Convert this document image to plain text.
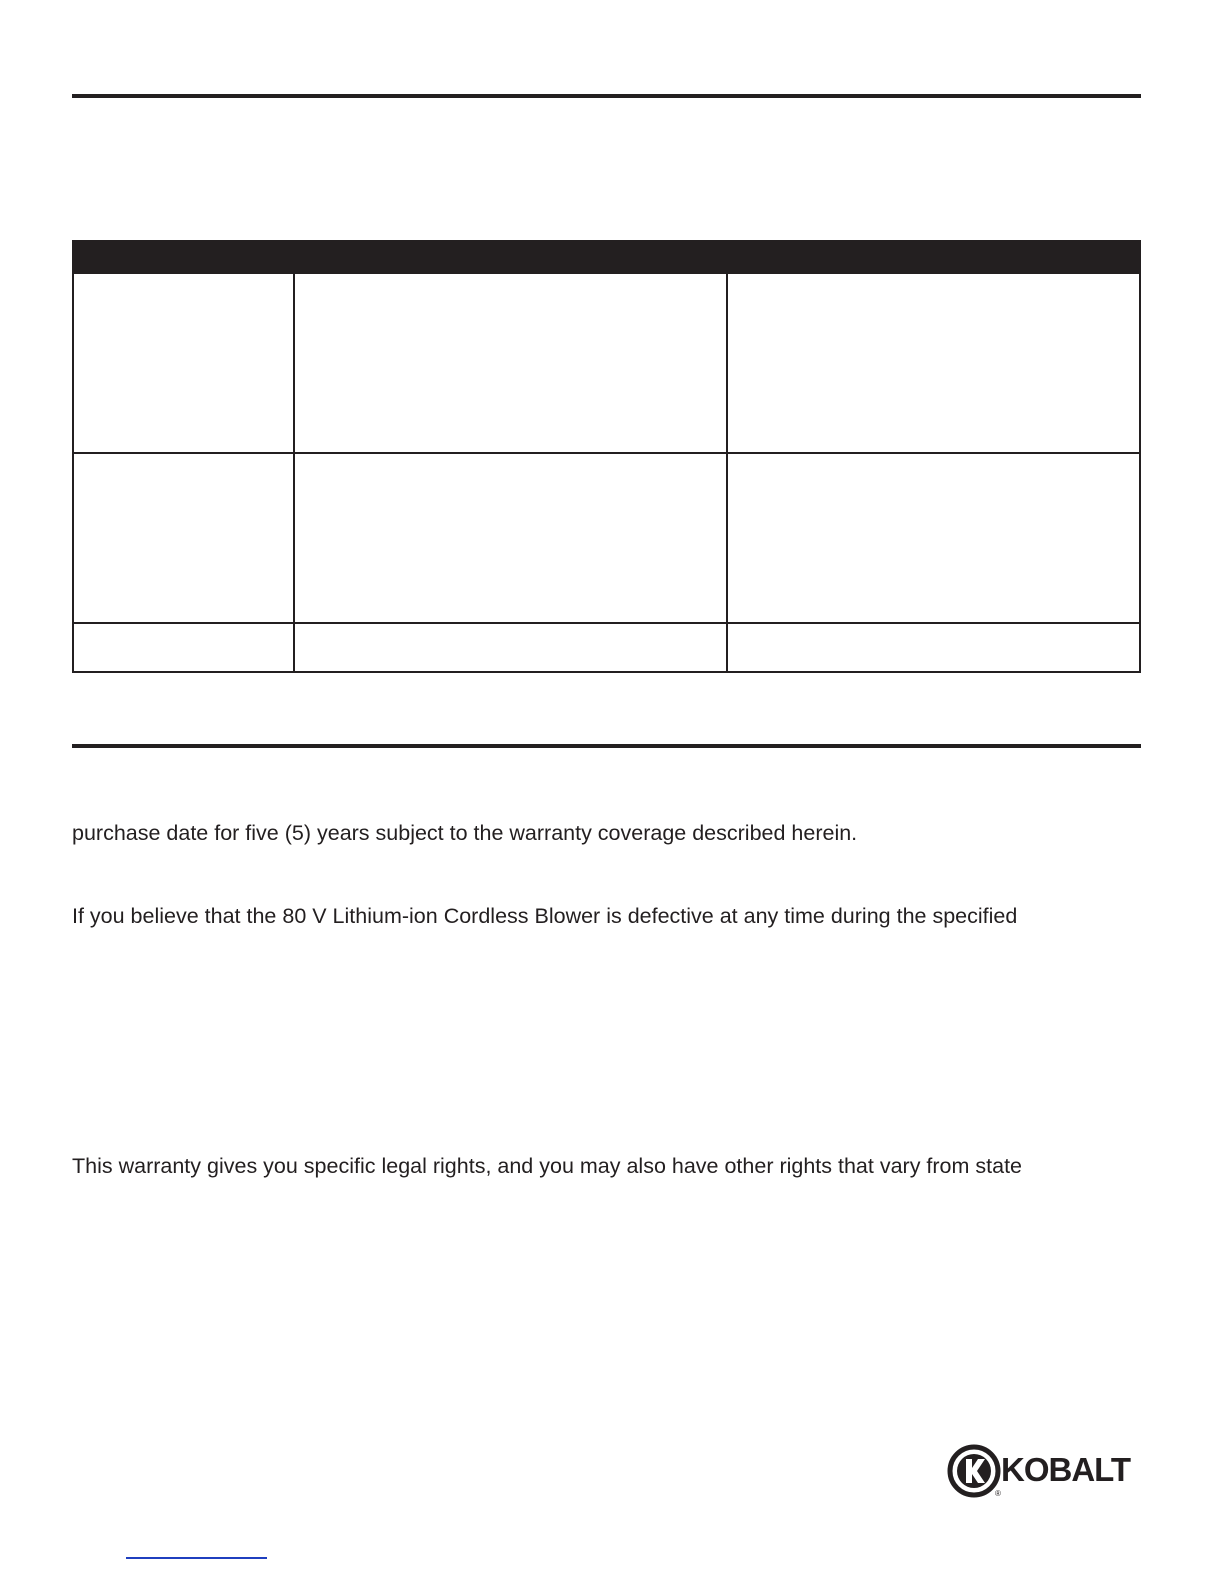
purchase date for five (5) years subject to the warranty coverage described herein.

If you believe that the 80 V Lithium-ion Cordless Blower is defective at any time during the specified

This warranty gives you specific legal rights, and you may also have other rights that vary from state

®
KOBALT
